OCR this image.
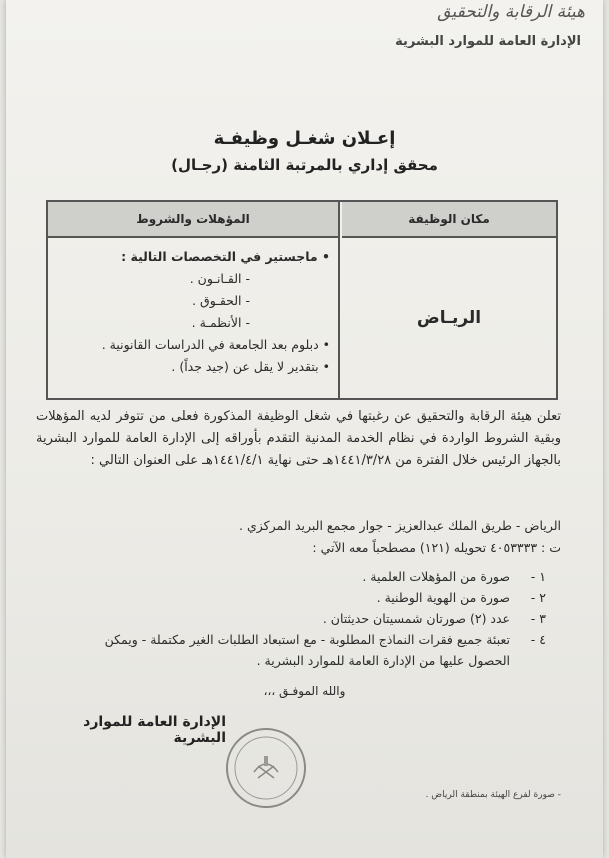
هيئة الرقابة والتحقيق
الإدارة العامة للموارد البشرية
إعـلان شغـل وظيفـة
محقق إداري بالمرتبة الثامنة (رجـال)
مكان الوظيفة
المؤهلات والشروط
الريـاض
• ماجستير في التخصصات التالية :
- القـانـون .
- الحقـوق .
- الأنظمـة .
• دبلوم بعد الجامعة في الدراسات القانونية .
• بتقدير لا يقل عن (جيد جداً) .
تعلن هيئة الرقابة والتحقيق عن رغبتها في شغل الوظيفة المذكورة فعلى من تتوفر لديه المؤهلات وبقية الشروط الواردة في نظام الخدمة المدنية التقدم بأوراقه إلى الإدارة العامة للموارد البشرية بالجهاز الرئيس خلال الفترة من ١٤٤١/٣/٢٨هـ حتى نهاية ١٤٤١/٤/١هـ على العنوان التالي :
الرياض - طريق الملك عبدالعزيز - جوار مجمع البريد المركزي .
ت : ٤٠٥٣٣٣٣ تحويله (١٢١) مصطحباً معه الآتي :
١ -صورة من المؤهلات العلمية .
٢ -صورة من الهوية الوطنية .
٣ -عدد (٢) صورتان شمسيتان حديثتان .
٤ -تعبئة جميع فقرات النماذج المطلوبة - مع استبعاد الطلبات الغير مكتملة - ويمكن
الحصول عليها من الإدارة العامة للموارد البشرية .
والله الموفـق ،،،
الإدارة العامة للموارد البشرية
- صورة لفرع الهيئة بمنطقة الرياض .
